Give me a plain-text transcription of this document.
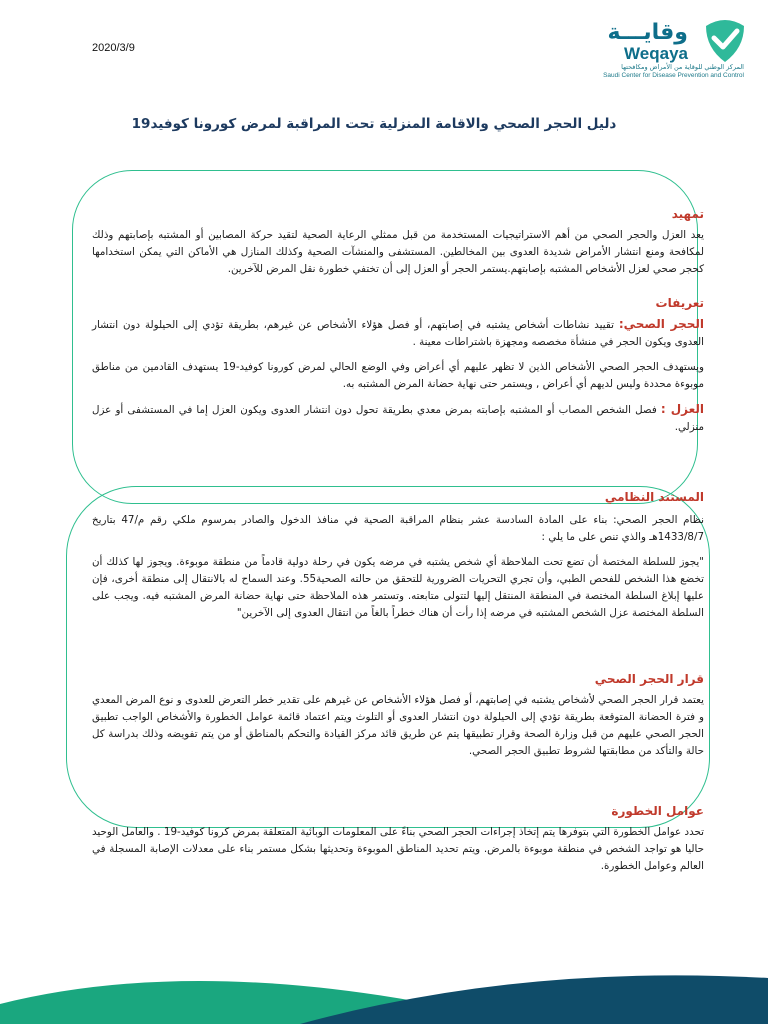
2020/3/9
وقايـــة
Weqaya
المركز الوطني للوقاية من الأمراض ومكافحتها
Saudi Center for Disease Prevention and Control
دليل الحجر الصحي والاقامة المنزلية تحت المراقبة لمرض كورونا كوفيد19
تمهيد

يعد العزل والحجر الصحي من أهم الاستراتيجيات المستخدمة من قبل ممثلي الرعاية الصحية لتقيد حركة المصابين أو المشتبه بإصابتهم وذلك لمكافحة ومنع انتشار الأمراض شديدة العدوى بين المخالطين. المستشفى والمنشآت الصحية وكذلك المنازل هي الأماكن التي يمكن استخدامها كحجر صحي لعزل الأشخاص المشتبه بإصابتهم.يستمر الحجر أو العزل إلى أن تختفي خطورة نقل المرض للآخرين.

تعريفات

الحجر الصحي: تقييد نشاطات أشخاص يشتبه في إصابتهم، أو فصل هؤلاء الأشخاص عن غيرهم، بطريقة تؤدي إلى الحيلولة دون انتشار العدوى ويكون الحجر في منشأة مخصصه ومجهزة باشتراطات معينة .

ويستهدف الحجر الصحي الأشخاص الذين لا تظهر عليهم أي أعراض وفي الوضع الحالي لمرض كورونا كوفيد-19 يستهدف القادمين من مناطق موبوءة محددة وليس لديهم أي أعراض , ويستمر حتى نهاية حضانة المرض المشتبه به.

العزل : فصل الشخص المصاب أو المشتبه بإصابته بمرض معدي بطريقة تحول دون انتشار العدوى ويكون العزل إما في المستشفى أو عزل منزلي.

المستند النظامي

نظام الحجر الصحي: بناء على المادة السادسة عشر بنظام المراقبة الصحية في منافذ الدخول والصادر بمرسوم ملكي رقم م/47 بتاريخ 1433/8/7هـ والذي تنص على ما يلي :

"يجوز للسلطة المختصة أن تضع تحت الملاحظة أي شخص يشتبه في مرضه يكون في رحلة دولية قادماً من منطقة موبوءة. ويجوز لها كذلك أن تخضع هذا الشخص للفحص الطبي، وأن تجري التحريات الضرورية للتحقق من حالته الصحية55. وعند السماح له بالانتقال إلى منطقة أخرى، فإن عليها إبلاغ السلطة المختصة في المنطقة المنتقل إليها لتتولى متابعته. وتستمر هذه الملاحظة حتى نهاية حضانة المرض المشتبه فيه. ويجب على السلطة المختصة عزل الشخص المشتبه في مرضه إذا رأت أن هناك خطراً بالغاً من انتقال العدوى إلى الآخرين"

قرار الحجر الصحي

يعتمد قرار الحجر الصحي لأشخاص يشتبه في إصابتهم، أو فصل هؤلاء الأشخاص عن غيرهم على تقدير خطر التعرض للعدوى و نوع المرض المعدي و فترة الحضانة المتوقعة بطريقة تؤدي إلى الحيلولة دون انتشار العدوى أو التلوث ويتم اعتماد قائمة عوامل الخطورة والأشخاص الواجب تطبيق الحجر الصحي عليهم من قبل وزارة الصحة وقرار تطبيقها يتم عن طريق قائد مركز القيادة والتحكم بالمناطق أو من يتم تفويضه وذلك بدراسة كل حالة والتأكد من مطابقتها لشروط تطبيق الحجر الصحي.

عوامل الخطورة

تحدد عوامل الخطورة التي بتوفرها يتم إتخاذ إجراءات الحجر الصحي بناءً على المعلومات الوبائية المتعلقة بمرض كرونا كوفيد-19 . والعامل الوحيد حاليا هو تواجد الشخص في منطقة موبوءة بالمرض. ويتم تحديد المناطق الموبوءة وتحديثها بشكل مستمر بناء على معدلات الإصابة المسجلة في العالم وعوامل الخطورة.
